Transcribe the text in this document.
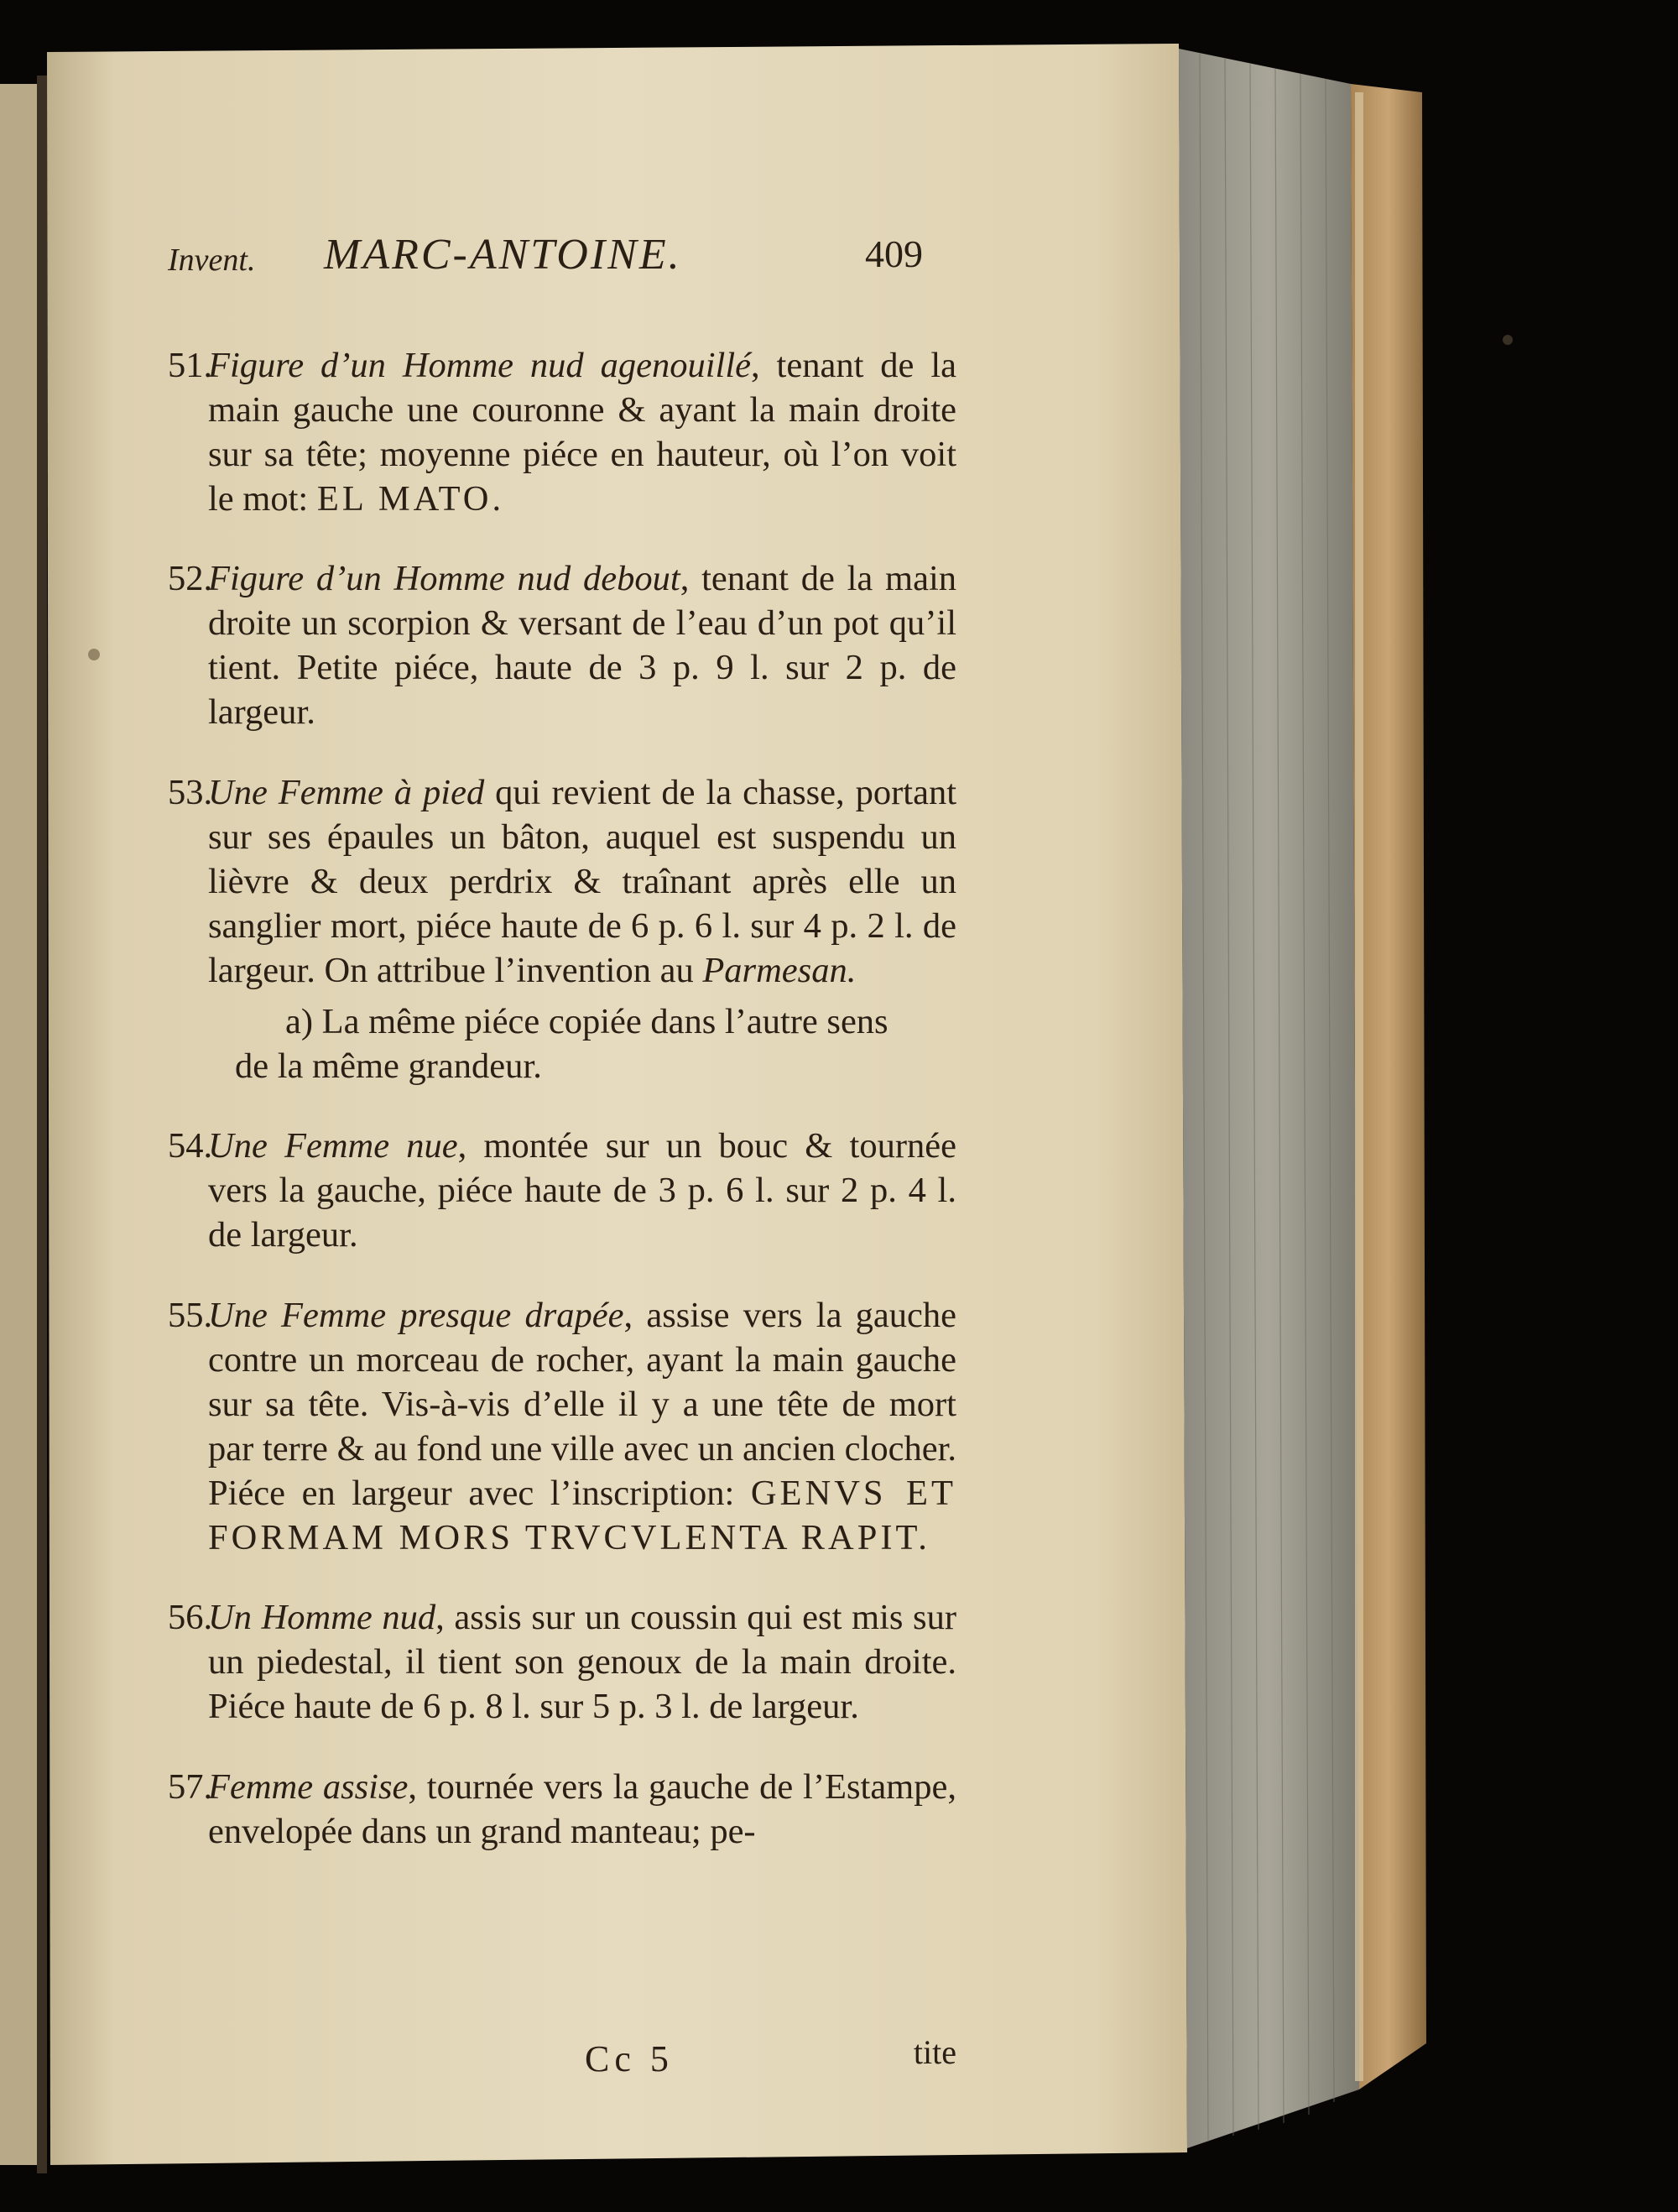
Invent. MARC-ANTOINE.	409

51.Figure d’un Homme nud agenouillé, tenant de la main gauche une couronne & ayant la main droite sur sa tête; moyenne piéce en hauteur, où l’on voit le mot: EL MATO.

52.Figure d’un Homme nud debout, tenant de la main droite un scorpion & versant de l’eau d’un pot qu’il tient. Petite piéce, haute de 3 p. 9 l. sur 2 p. de largeur.

53.Une Femme à pied qui revient de la chasse, portant sur ses épaules un bâton, auquel est suspendu un lièvre & deux perdrix & traînant après elle un sanglier mort, piéce haute de 6 p. 6 l. sur 4 p. 2 l. de largeur. On attribue l’invention au Parmesan.

a) La même piéce copiée dans l’autre sens
de la même grandeur.

54.Une Femme nue, montée sur un bouc & tournée vers la gauche, piéce haute de 3 p. 6 l. sur 2 p. 4 l. de largeur.

55.Une Femme presque drapée, assise vers la gauche contre un morceau de rocher, ayant la main gauche sur sa tête. Vis-à-vis d’elle il y a une tête de mort par terre & au fond une ville avec un ancien clocher. Piéce en largeur avec l’inscription: GENVS ET FORMAM MORS TRVCVLENTA RAPIT.

56.Un Homme nud, assis sur un coussin qui est mis sur un piedestal, il tient son genoux de la main droite. Piéce haute de 6 p. 8 l. sur 5 p. 3 l. de largeur.

57.Femme assise, tournée vers la gauche de l’Estampe, envelopée dans un grand manteau; pe-

Cc 5	tite
